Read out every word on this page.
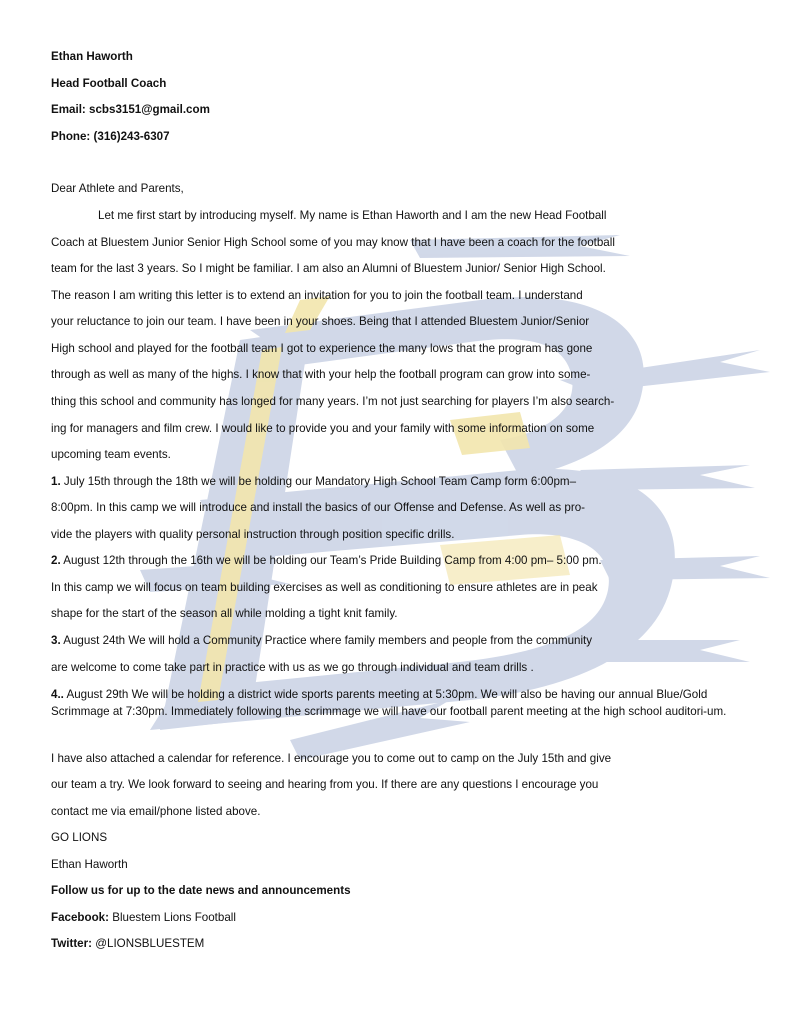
Ethan Haworth
Head Football Coach
Email: scbs3151@gmail.com
Phone: (316)243-6307
Dear Athlete and Parents,
Let me first start by introducing myself. My name is Ethan Haworth and I am the new Head Football
Coach at Bluestem Junior Senior High School some of you may know that I have been a coach for the football
team for the last 3 years. So I might be familiar. I am also an Alumni of Bluestem Junior/ Senior High School.
The reason I am writing this letter is to extend an invitation for you to join the football team. I understand
your reluctance to join our team. I have been in your shoes. Being that I attended Bluestem Junior/Senior
High school and played for the football team I got to experience the many lows that the program has gone
through as well as many of the highs. I know that with your help the football program can grow into some-
thing this school and community has longed for many years. I’m not just searching for players I’m also search-
ing for managers and film crew. I would like to provide you and your family with some information on some
upcoming team events.
1. July 15th through the 18th we will be holding our Mandatory High School Team Camp form 6:00pm–
8:00pm. In this camp we will introduce and install the basics of our Offense and Defense. As well as pro-
vide the players with quality personal instruction through position specific drills.
2. August 12th through the 16th we will be holding our Team’s Pride Building Camp from 4:00 pm– 5:00 pm.
In this camp we will focus on team building exercises as well as conditioning to ensure athletes are in peak
shape for the start of the season all while molding a tight knit family.
3. August 24th We will hold a Community Practice where family members and people from the community
are welcome to come take part in practice with us as we go through individual and team drills .
4.. August 29th We will be holding a district wide sports parents meeting at 5:30pm. We will also be having our annual Blue/Gold Scrimmage at 7:30pm. Immediately following the scrimmage we will have our football parent meeting at the high school auditori-um.
I have also attached a calendar for reference. I encourage you to come out to camp on the July 15th and give
our team a try. We look forward to seeing and hearing from you. If there are any questions I encourage you
contact me via email/phone listed above.
GO LIONS
Ethan Haworth
Follow us for up to the date news and announcements
Facebook: Bluestem Lions Football
Twitter: @LIONSBLUESTEM
